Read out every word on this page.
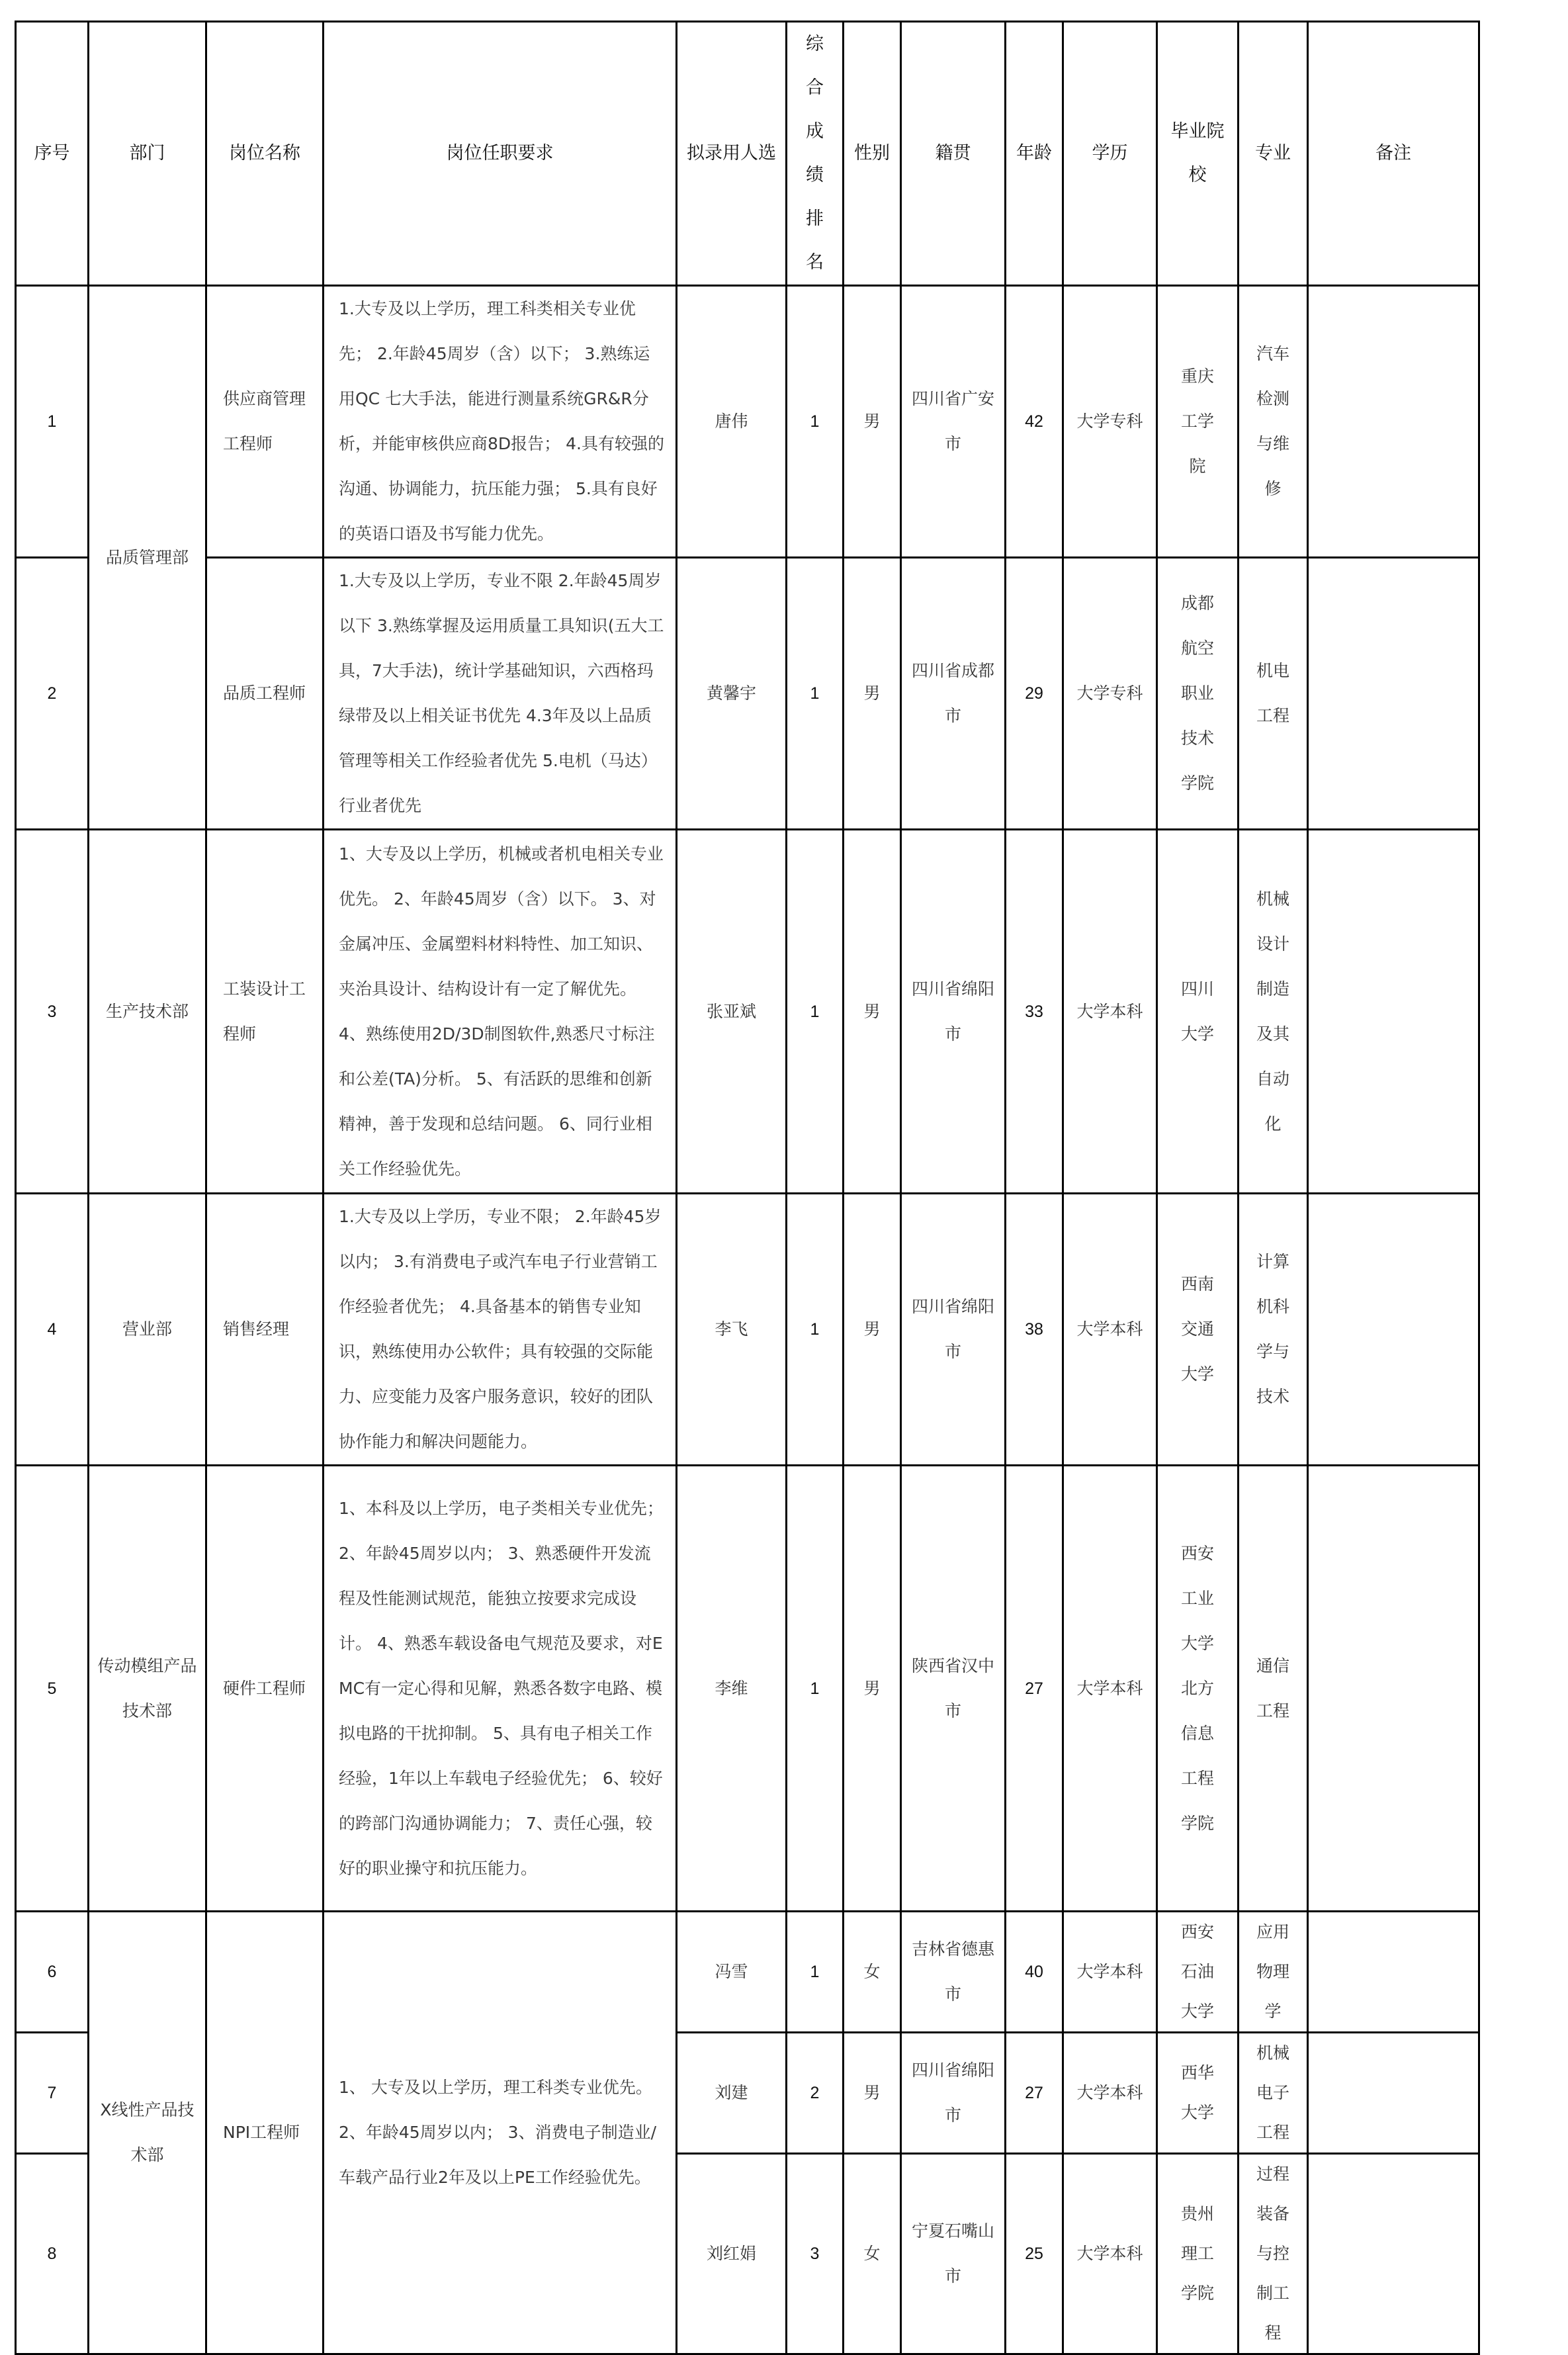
序号	部门	岗位名称	岗位任职要求	拟录用人选	综合成绩排名	性别	籍贯	年龄	学历	毕业院校	专业	备注
1	品质管理部	供应商管理工程师	1.大专及以上学历，理工科类相关专业优先； 2.年龄45周岁（含）以下； 3.熟练运用QC 七大手法，能进行测量系统GR&R分析，并能审核供应商8D报告； 4.具有较强的沟通、协调能力，抗压能力强； 5.具有良好的英语口语及书写能力优先。	唐伟	1	男	四川省广安市	42	大学专科	重庆工学院	汽车检测与维修	
2		品质工程师	1.大专及以上学历，专业不限 2.年龄45周岁以下 3.熟练掌握及运用质量工具知识(五大工具，7大手法)，统计学基础知识，六西格玛绿带及以上相关证书优先 4.3年及以上品质管理等相关工作经验者优先 5.电机（马达）行业者优先	黄馨宇	1	男	四川省成都市	29	大学专科	成都航空职业技术学院	机电工程	
3	生产技术部	工装设计工程师	1、大专及以上学历，机械或者机电相关专业优先。 2、年龄45周岁（含）以下。 3、对金属冲压、金属塑料材料特性、加工知识、夹治具设计、结构设计有一定了解优先。 4、熟练使用2D/3D制图软件,熟悉尺寸标注和公差(TA)分析。 5、有活跃的思维和创新精神，善于发现和总结问题。 6、同行业相关工作经验优先。	张亚斌	1	男	四川省绵阳市	33	大学本科	四川大学	机械设计制造及其自动化	
4	营业部	销售经理	1.大专及以上学历，专业不限； 2.年龄45岁以内； 3.有消费电子或汽车电子行业营销工作经验者优先； 4.具备基本的销售专业知识，熟练使用办公软件；具有较强的交际能力、应变能力及客户服务意识，较好的团队协作能力和解决问题能力。	李飞	1	男	四川省绵阳市	38	大学本科	西南交通大学	计算机科学与技术	
5	传动模组产品技术部	硬件工程师	1、本科及以上学历，电子类相关专业优先； 2、年龄45周岁以内； 3、熟悉硬件开发流程及性能测试规范，能独立按要求完成设计。 4、熟悉车载设备电气规范及要求，对EMC有一定心得和见解，熟悉各数字电路、模拟电路的干扰抑制。 5、具有电子相关工作经验，1年以上车载电子经验优先； 6、较好的跨部门沟通协调能力； 7、责任心强，较好的职业操守和抗压能力。	李维	1	男	陕西省汉中市	27	大学本科	西安工业大学北方信息工程学院	通信工程	
6	X线性产品技术部	NPI工程师	1、 大专及以上学历，理工科类专业优先。 2、年龄45周岁以内； 3、消费电子制造业/车载产品行业2年及以上PE工作经验优先。	冯雪	1	女	吉林省德惠市	40	大学本科	西安石油大学	应用物理学	
7				刘建	2	男	四川省绵阳市	27	大学本科	西华大学	机械电子工程	
8				刘红娟	3	女	宁夏石嘴山市	25	大学本科	贵州理工学院	过程装备与控制工程	
